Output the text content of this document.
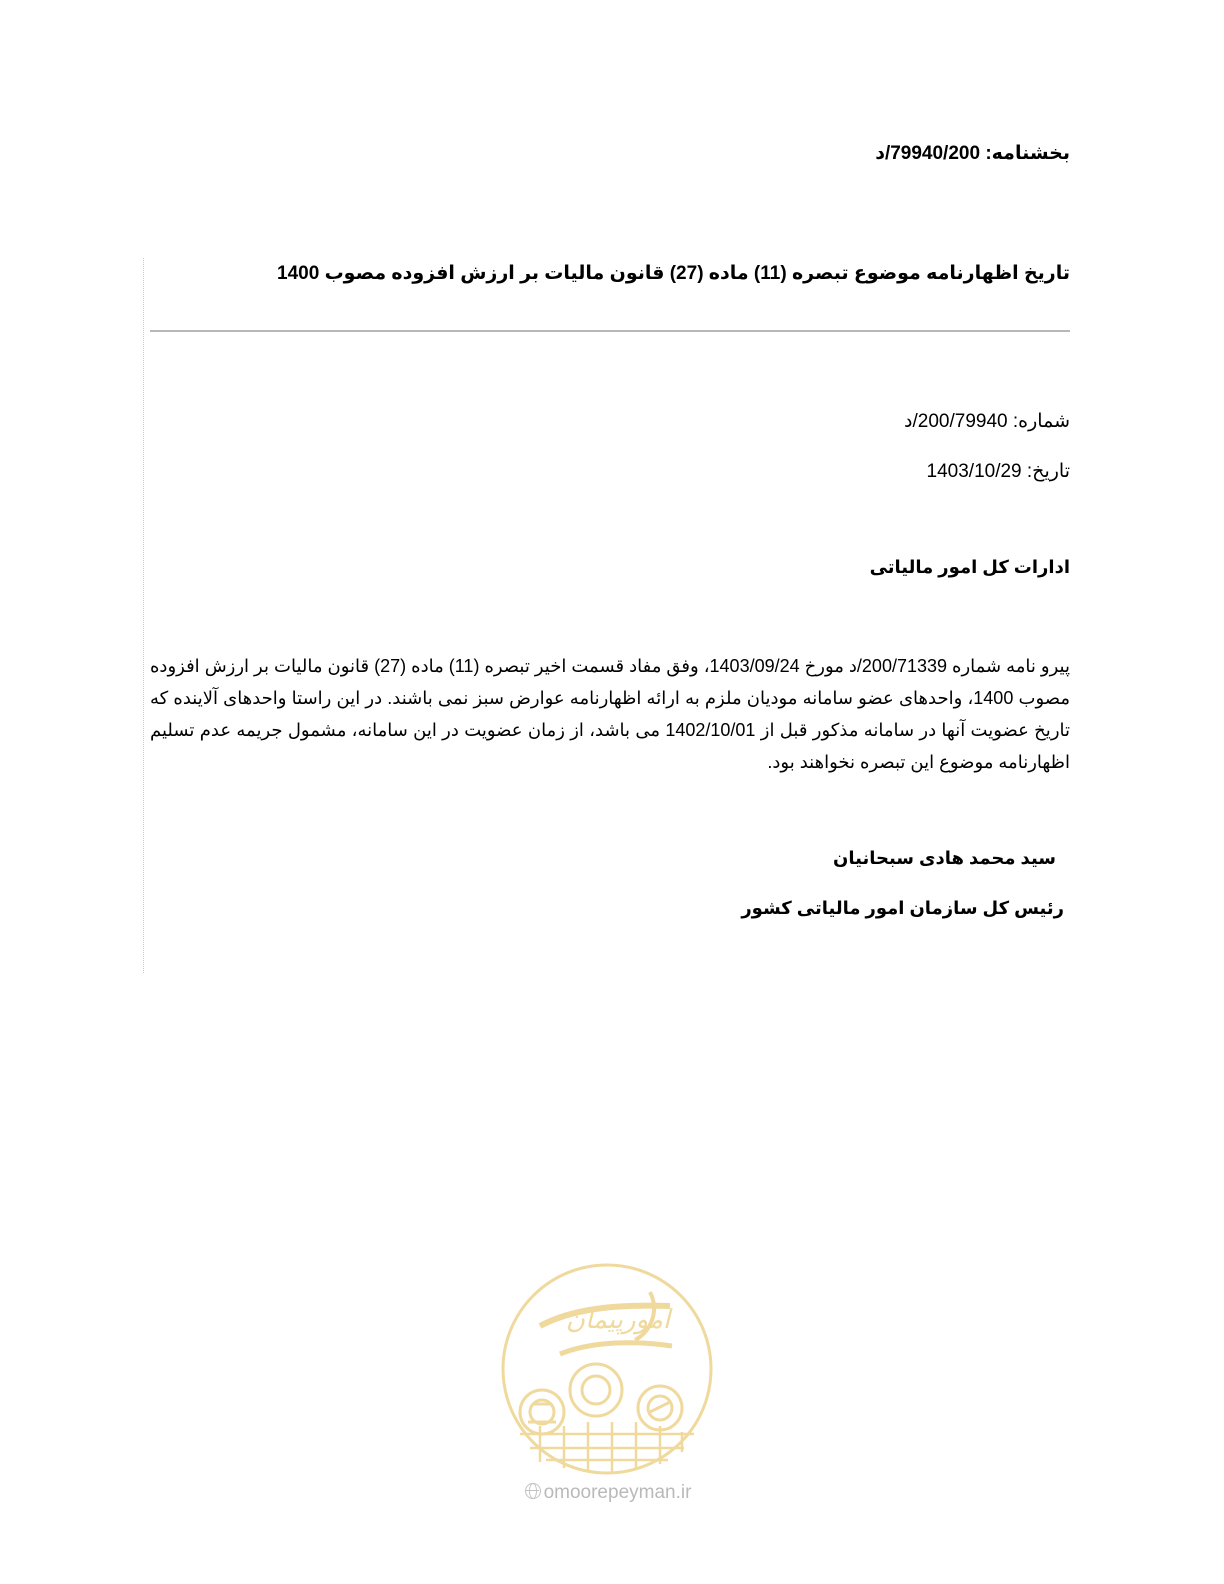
بخشنامه: 79940/200/د
تاریخ اظهارنامه موضوع تبصره (11) ماده (27) قانون مالیات بر ارزش افزوده مصوب 1400
شماره: 200/79940/د
تاریخ: 1403/10/29
ادارات کل امور مالیاتی

پیرو نامه شماره 200/71339/د مورخ 1403/09/24، وفق مفاد قسمت اخیر تبصره (11) ماده (27) قانون مالیات بر ارزش افزوده مصوب 1400، واحدهای عضو سامانه مودیان ملزم به ارائه اظهارنامه عوارض سبز نمی باشند. در این راستا واحدهای آلاینده که تاریخ عضویت آنها در سامانه مذکور قبل از 1402/10/01 می باشد، از زمان عضویت در این سامانه، مشمول جریمه عدم تسلیم اظهارنامه موضوع این تبصره نخواهند بود.

سید محمد هادی سبحانیان
رئیس کل سازمان امور مالیاتی کشور
امورپیمان
omoorepeyman.ir
